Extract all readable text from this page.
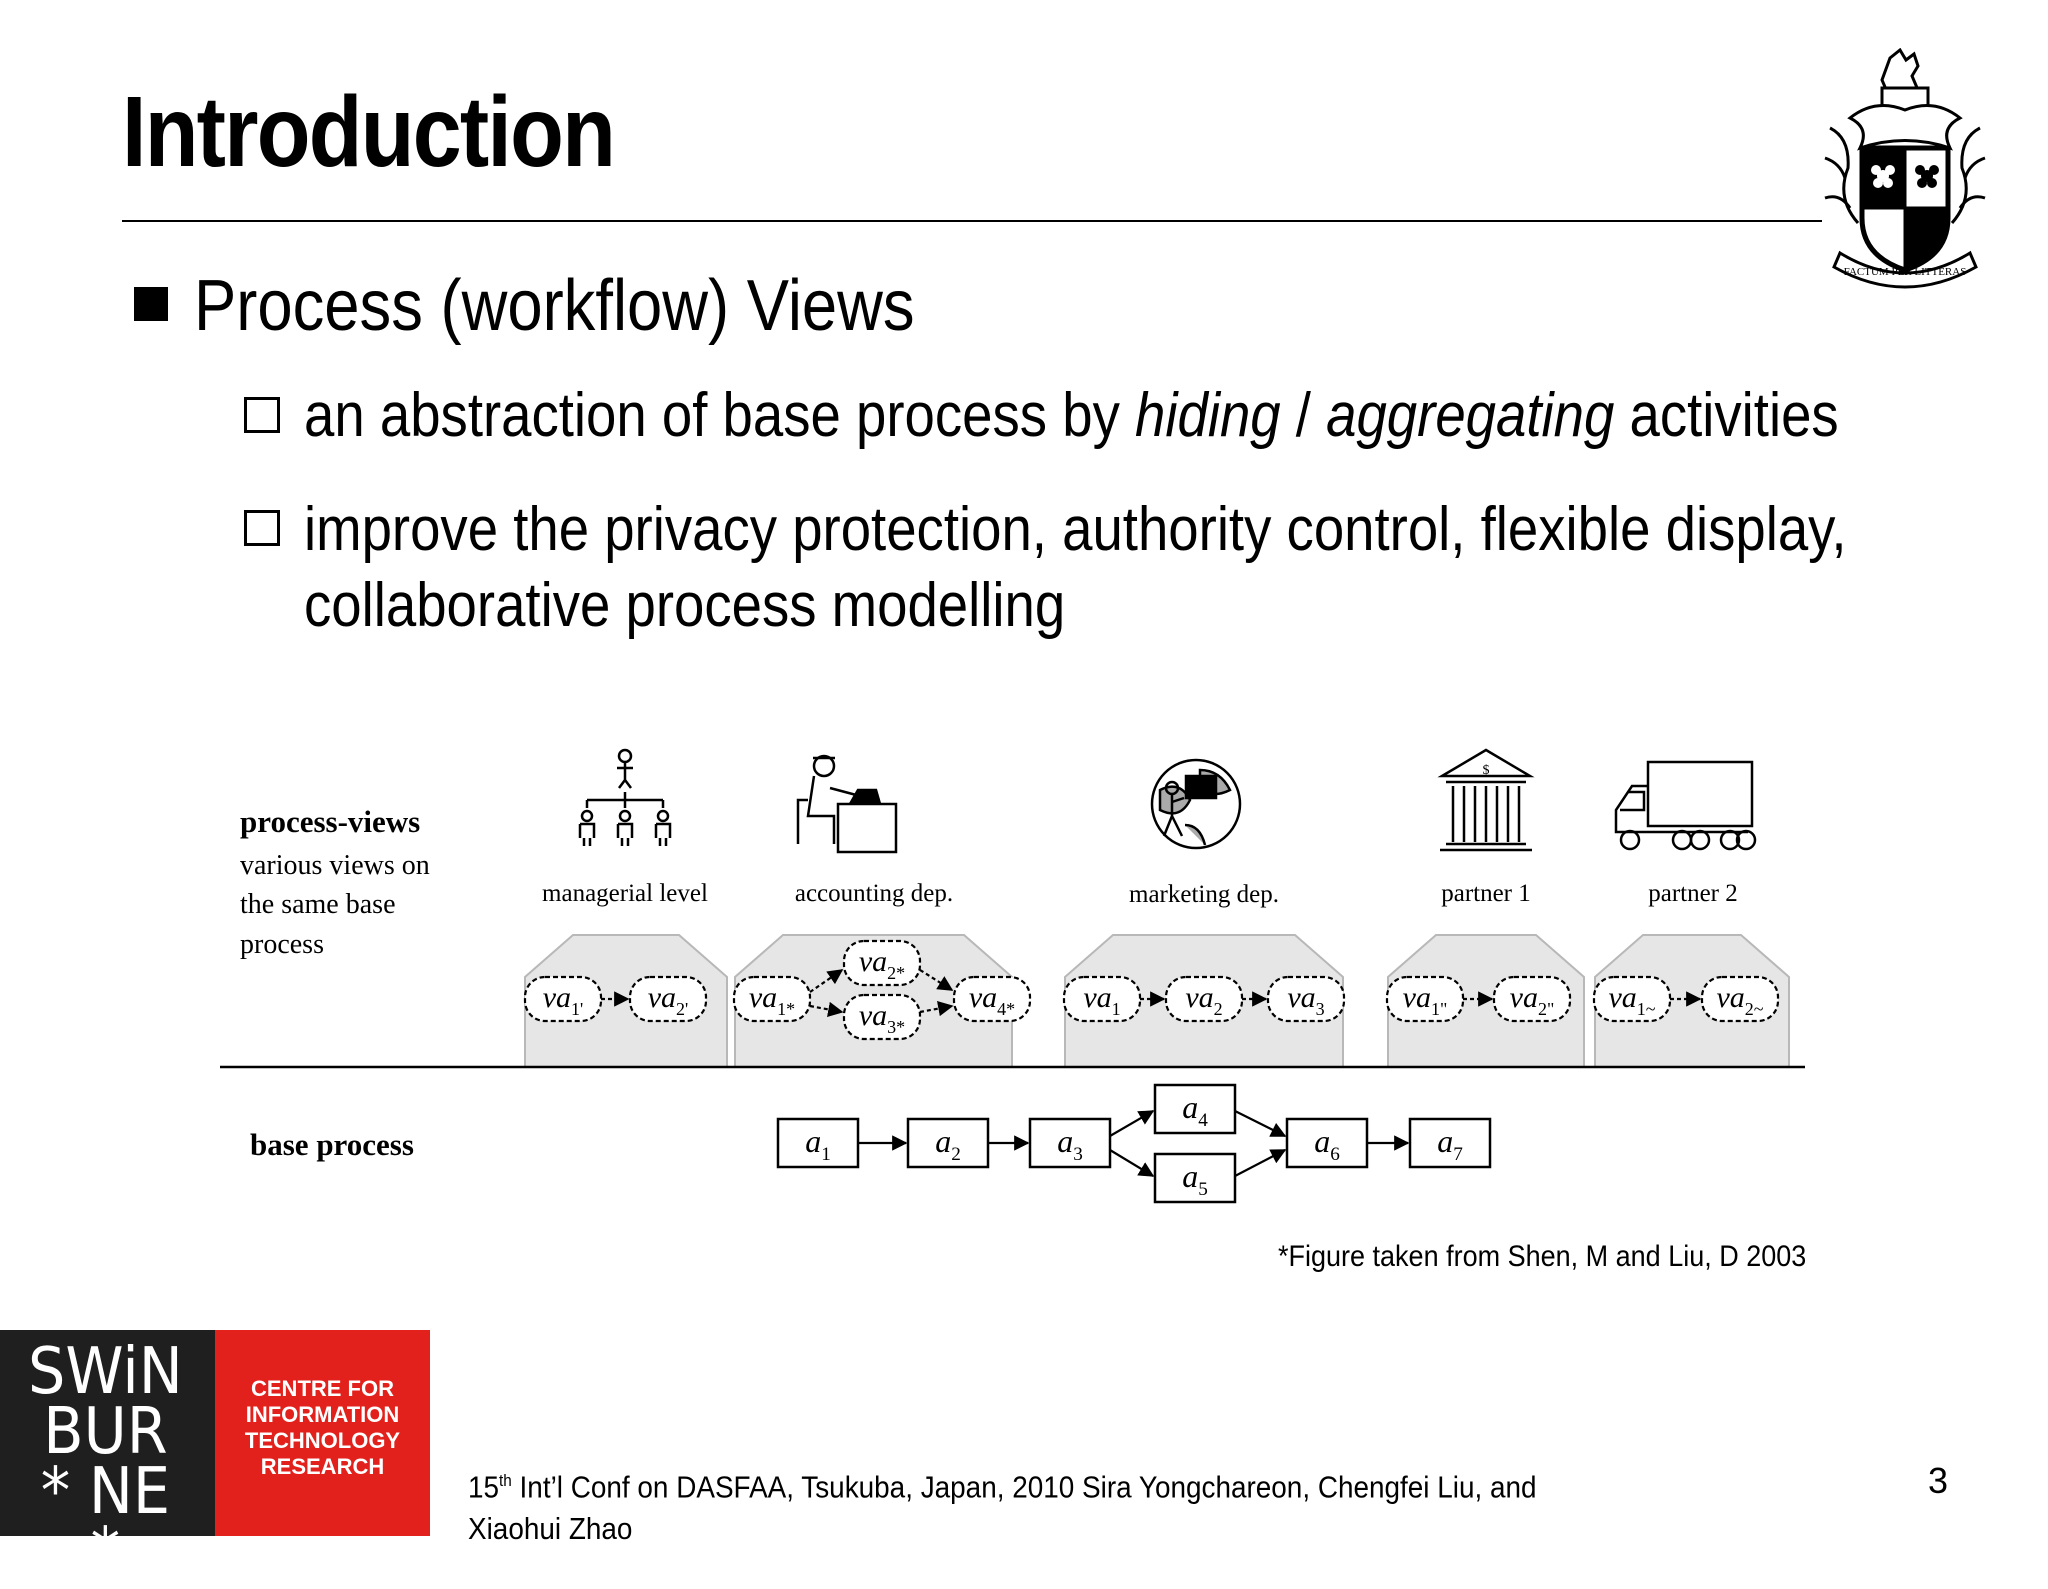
Introduction
FACTUM PER LITTERAS
Process (workflow) Views
an abstraction of base process by hiding / aggregating activities
improve the privacy protection, authority control, flexible display, collaborative process modelling
process-views
various views on
the same base
process
base process
managerial level	accounting dep.	marketing dep.	partner 1	partner 2
$
$va_{1'}$ $va_{2'}$ $va_{1*}$
$va_{2*}$
$va_{3*}$
$va_{4*}$ $va_1$ $va_2$ $va_3$	$va_{1"}$ $va_{2"}$ $va_{1\sim}$ $va_{2\sim}$
$a_1$	$a_2$	$a_3$
$a_4$
$a_5$
$a_6$	$a_7$
*Figure taken from Shen, M and Liu, D 2003
SWiN
BUR
* NE *
CENTRE FOR
INFORMATION
TECHNOLOGY
RESEARCH
15th Int’l Conf on DASFAA, Tsukuba, Japan, 2010 Sira Yongchareon, Chengfei Liu, and Xiaohui Zhao
3
